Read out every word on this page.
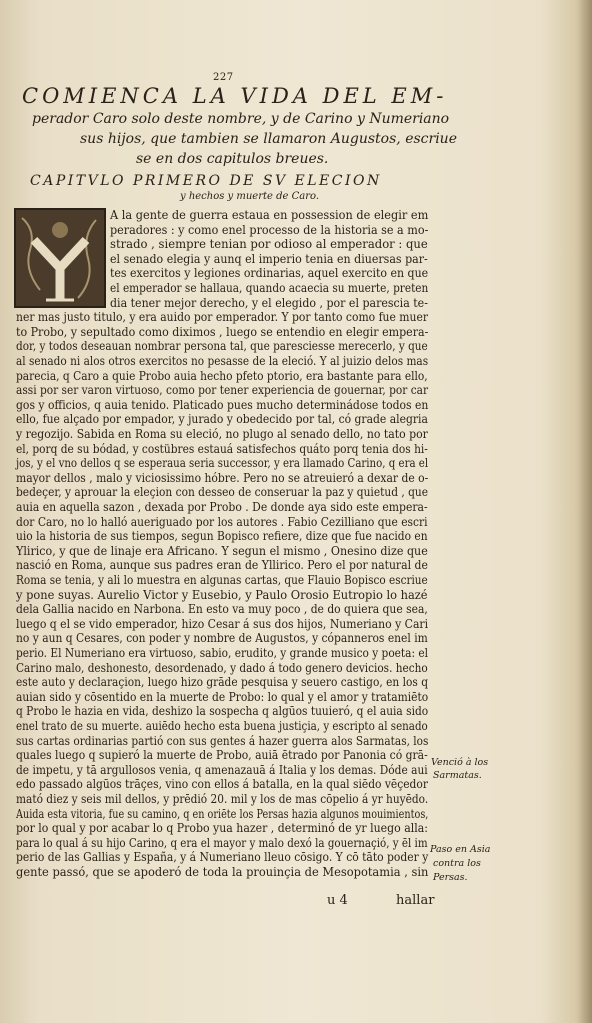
227
COMIENCA LA VIDA DEL EM-
perador Caro solo deste nombre, y de Carino y Numeriano
sus hijos, que tambien se llamaron Augustos, escriue
se en dos capitulos breues.
CAPITVLO PRIMERO DE SV ELECION
y hechos y muerte de Caro.
A la gente de guerra estaua en possession de elegir em
peradores : y como enel processo de la historia se a mo-
strado , siempre tenian por odioso al emperador : que
el senado elegia y aunq el imperio tenia en diuersas par-
tes exercitos y legiones ordinarias, aquel exercito en que
el emperador se hallaua, quando acaecia su muerte, preten
dia tener mejor derecho, y el elegido , por el parescia te-
ner mas justo titulo, y era auido por emperador. Y por tanto como fue muer
to Probo, y sepultado como diximos , luego se entendio en elegir empera-
dor, y todos deseauan nombrar persona tal, que paresciesse merecerlo, y que
al senado ni alos otros exercitos no pesasse de la eleció. Y al juizio delos mas
parecia, q Caro a quie Probo auia hecho pfeto ptorio, era bastante para ello,
assi por ser varon virtuoso, como por tener experiencia de gouernar, por car
gos y officios, q auia tenido. Platicado pues mucho determinádose todos en
ello, fue alçado por empador, y jurado y obedecido por tal, có grade alegria
y regozijo. Sabida en Roma su eleció, no plugo al senado dello, no tato por
el, porq de su bódad, y costübres estauá satisfechos quáto porq tenia dos hi-
jos, y el vno dellos q se esperaua seria successor, y era llamado Carino, q era el
mayor dellos , malo y viciosissimo hóbre. Pero no se atreuieró a dexar de o-
bedeçer, y aprouar la eleçion con desseo de conseruar la paz y quietud , que
auia en aquella sazon , dexada por Probo . De donde aya sido este empera-
dor Caro, no lo halló aueriguado por los autores . Fabio Cezilliano que escri
uio la historia de sus tiempos, segun Bopisco refiere, dize que fue nacido en
Ylirico, y que de linaje era Africano. Y segun el mismo , Onesino dize que
nasció en Roma, aunque sus padres eran de Yllirico. Pero el por natural de
Roma se tenia, y ali lo muestra en algunas cartas, que Flauio Bopisco escriue
y pone suyas. Aurelio Victor y Eusebio, y Paulo Orosio Eutropio lo hazé
dela Gallia nacido en Narbona. En esto va muy poco , de do quiera que sea,
luego q el se vido emperador, hizo Cesar á sus dos hijos, Numeriano y Cari
no y aun q Cesares, con poder y nombre de Augustos, y cópanneros enel im
perio. El Numeriano era virtuoso, sabio, erudito, y grande musico y poeta: el
Carino malo, deshonesto, desordenado, y dado á todo genero devicios. hecho
este auto y declaraçion, luego hizo grāde pesquisa y seuero castigo, en los q
auian sido y cōsentido en la muerte de Probo: lo qual y el amor y tratamiēto
q Probo le hazia en vida, deshizo la sospecha q algūos tuuieró, q el auia sido
enel trato de su muerte. auiēdo hecho esta buena justiçia, y escripto al senado
sus cartas ordinarias partió con sus gentes á hazer guerra alos Sarmatas, los
quales luego q supieró la muerte de Probo, auiā ētrado por Panonia có grā-
de impetu, y tā argullosos venia, q amenazauā á Italia y los demas. Dóde aui
edo passado algūos trāçes, vino con ellos á batalla, en la qual siēdo vēçedor
mató diez y seis mil dellos, y prēdió 20. mil y los de mas cōpelio á yr huyēdo.
Auida esta vitoria, fue su camino, q en oriēte los Persas hazia algunos mouimientos,
por lo qual y por acabar lo q Probo yua hazer , determinó de yr luego alla:
para lo qual á su hijo Carino, q era el mayor y malo dexó la gouernaçió, y ēl im
perio de las Gallias y España, y á Numeriano lleuo cōsigo. Y cō tāto poder y
gente passó, que se apoderó de toda la prouinçia de Mesopotamia , sin
Venció à los
Sarmatas.
Paso en Asia
contra los
Persas.
u 4	hallar
